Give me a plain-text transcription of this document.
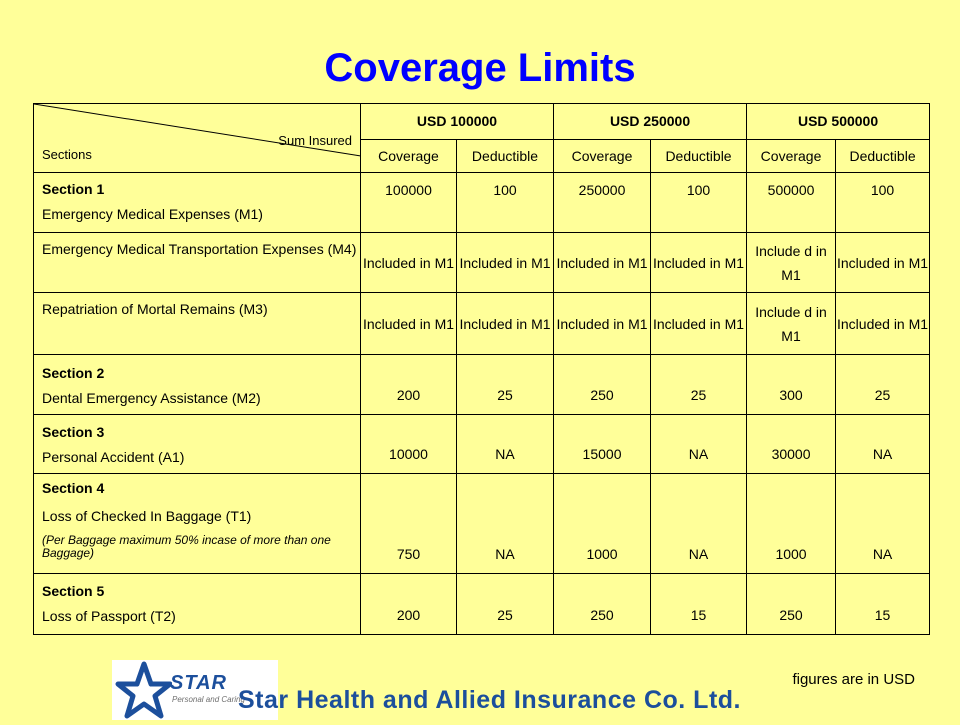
Coverage Limits
Sum Insured
Sections	USD 100000		USD 250000		USD 500000	
	Coverage	Deductible	Coverage	Deductible	Coverage	Deductible

Section 1
Emergency Medical Expenses (M1)	100000	100	250000	100	500000	100

Emergency Medical Transportation Expenses (M4)	Included in M1	Included in M1	Included in M1	Included in M1	Include d in M1	Included in M1

Repatriation of Mortal Remains (M3)	Included in M1	Included in M1	Included in M1	Included in M1	Include d in M1	Included in M1

Section 2
Dental Emergency Assistance (M2)	200	25	250	25	300	25

Section 3
Personal Accident (A1)	10000	NA	15000	NA	30000	NA

Section 4
Loss of Checked In Baggage (T1)
(Per Baggage maximum 50% incase of more than one Baggage)	750	NA	1000	NA	1000	NA

Section 5
Loss of Passport (T2)	200	25	250	15	250	15
STAR
Personal and Caring
Star Health and Allied Insurance Co. Ltd.
figures are in USD
